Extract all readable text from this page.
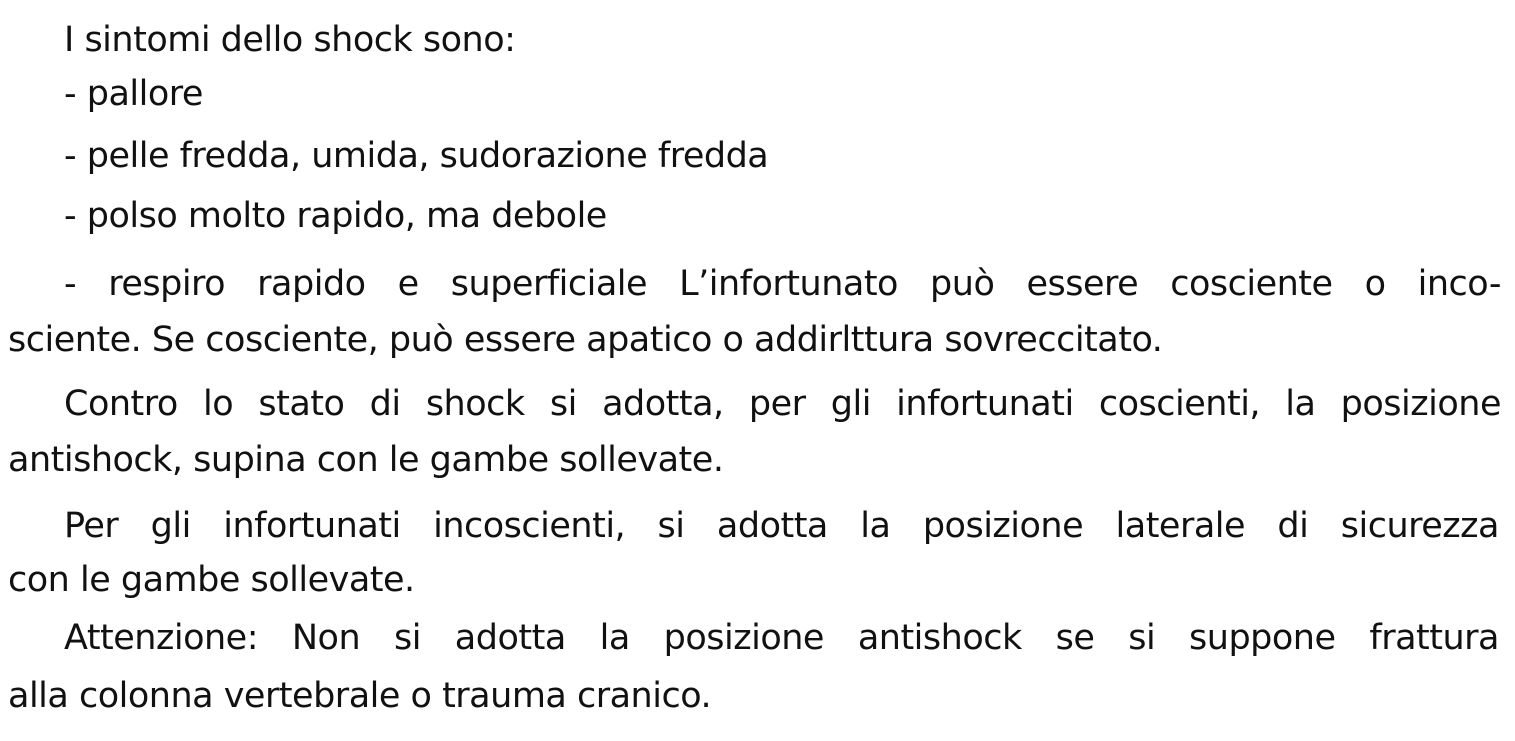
I sintomi dello shock sono:
- pallore
- pelle fredda, umida, sudorazione fredda
- polso molto rapido, ma debole
- respiro rapido e superficiale L’infortunato può essere cosciente o inco-
sciente. Se cosciente, può essere apatico o addirlttura sovreccitato.
Contro lo stato di shock si adotta, per gli infortunati coscienti, la posizione
antishock, supina con le gambe sollevate.
Per gli infortunati incoscienti, si adotta la posizione laterale di sicurezza
con le gambe sollevate.
Attenzione: Non si adotta la posizione antishock se si suppone frattura
alla colonna vertebrale o trauma cranico.
